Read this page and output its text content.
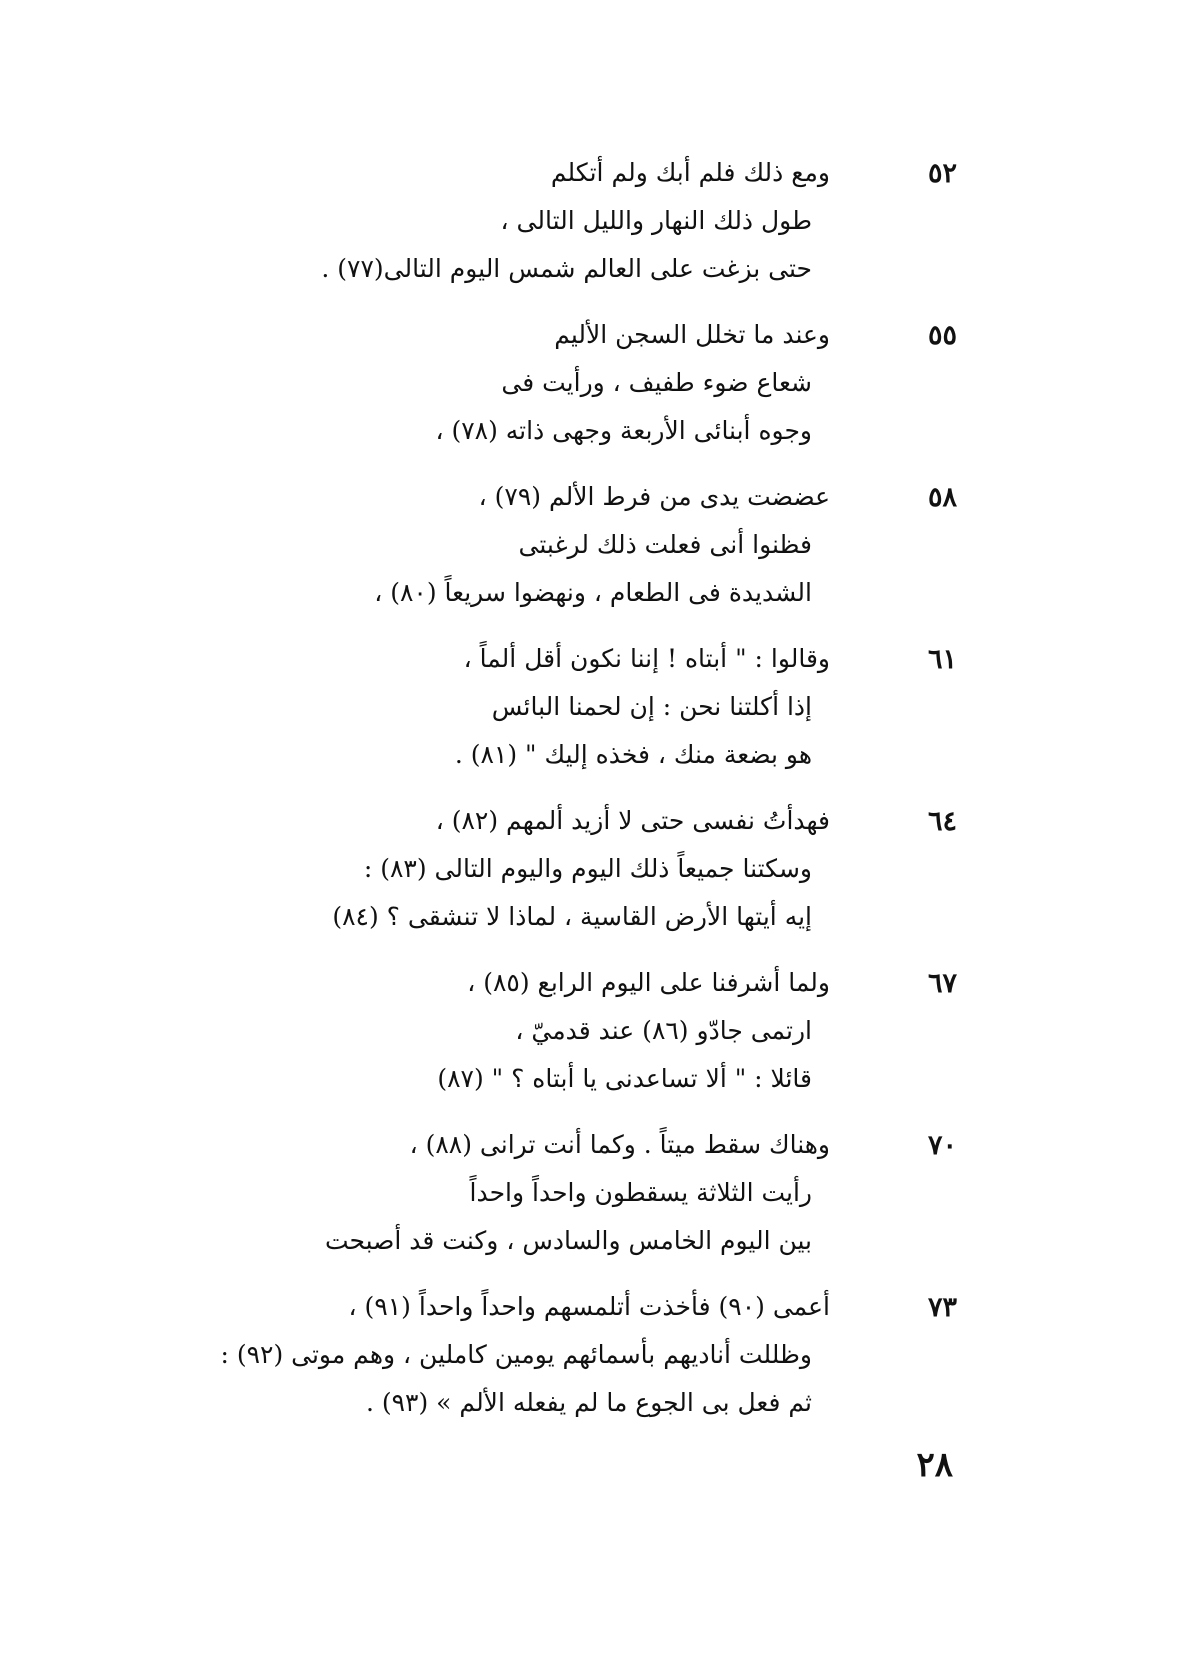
٥٢
ومع ذلك فلم أبك ولم أتكلم
طول ذلك النهار والليل التالى ،
حتى بزغت على العالم شمس اليوم التالى(٧٧) .
٥٥
وعند ما تخلل السجن الأليم
شعاع ضوء طفيف ، ورأيت فى
وجوه أبنائى الأربعة وجهى ذاته (٧٨) ،
٥٨
عضضت يدى من فرط الألم (٧٩) ،
فظنوا أنى فعلت ذلك لرغبتى
الشديدة فى الطعام ، ونهضوا سريعاً (٨٠) ،
٦١
وقالوا : " أبتاه ! إننا نكون أقل ألماً ،
إذا أكلتنا نحن : إن لحمنا البائس
هو بضعة منك ، فخذه إليك " (٨١) .
٦٤
فهدأتُ نفسى حتى لا أزيد ألمهم (٨٢) ،
وسكتنا جميعاً ذلك اليوم واليوم التالى (٨٣) :
إيه أيتها الأرض القاسية ، لماذا لا تنشقى ؟ (٨٤)
٦٧
ولما أشرفنا على اليوم الرابع (٨٥) ،
ارتمى جادّو (٨٦) عند قدميّ ،
قائلا : " ألا تساعدنى يا أبتاه ؟ " (٨٧)
٧٠
وهناك سقط ميتاً . وكما أنت ترانى (٨٨) ،
رأيت الثلاثة يسقطون واحداً واحداً
بين اليوم الخامس والسادس ، وكنت قد أصبحت
٧٣
أعمى (٩٠) فأخذت أتلمسهم واحداً واحداً (٩١) ،
وظللت أناديهم بأسمائهم يومين كاملين ، وهم موتى (٩٢) :
ثم فعل بى الجوع ما لم يفعله الألم » (٩٣) .
٢٨
